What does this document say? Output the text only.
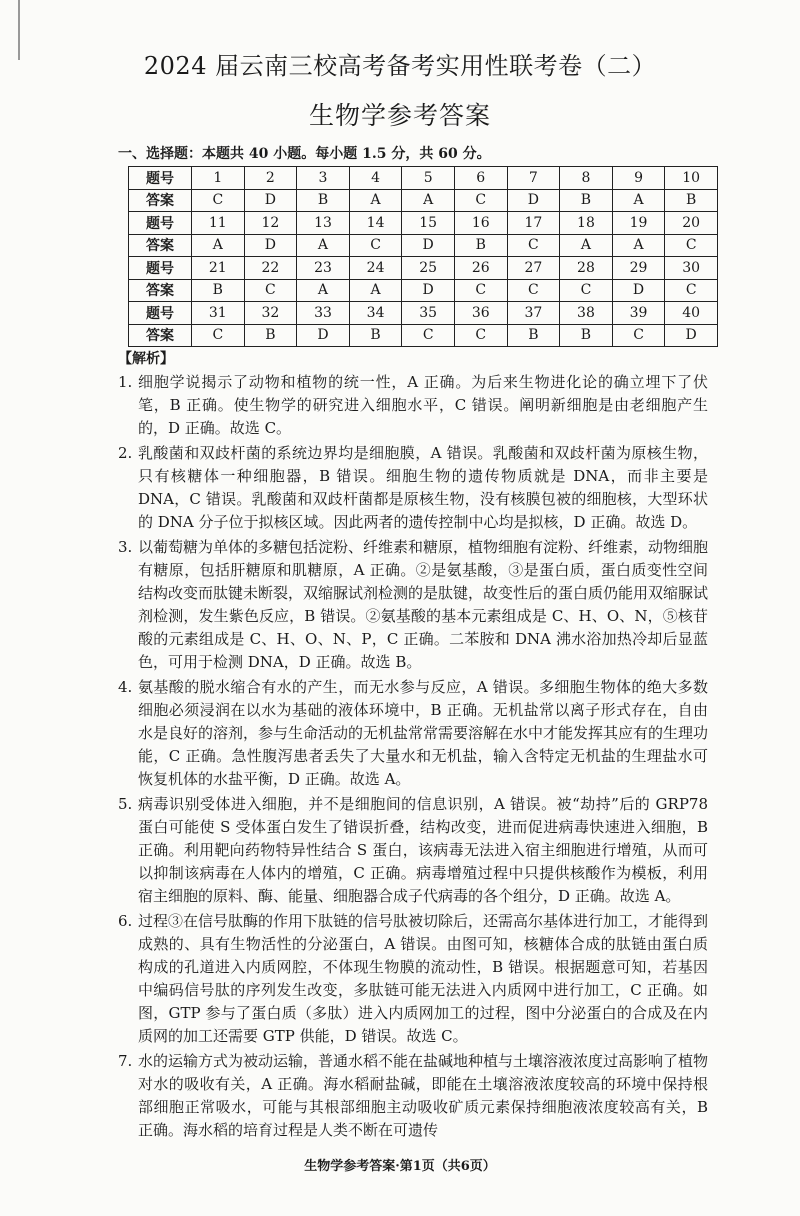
2024 届云南三校高考备考实用性联考卷（二）
生物学参考答案
一、选择题：本题共 40 小题。每小题 1.5 分，共 60 分。
题号	1	2	3	4	5	6	7	8	9	10
答案	C	D	B	A	A	C	D	B	A	B
题号	11	12	13	14	15	16	17	18	19	20
答案	A	D	A	C	D	B	C	A	A	C
题号	21	22	23	24	25	26	27	28	29	30
答案	B	C	A	A	D	C	C	C	D	C
题号	31	32	33	34	35	36	37	38	39	40
答案	C	B	D	B	C	C	B	B	C	D
【解析】
1. 细胞学说揭示了动物和植物的统一性，A 正确。为后来生物进化论的确立埋下了伏笔，B 正确。使生物学的研究进入细胞水平，C 错误。阐明新细胞是由老细胞产生的，D 正确。故选 C。
2. 乳酸菌和双歧杆菌的系统边界均是细胞膜，A 错误。乳酸菌和双歧杆菌为原核生物，只有核糖体一种细胞器，B 错误。细胞生物的遗传物质就是 DNA，而非主要是 DNA，C 错误。乳酸菌和双歧杆菌都是原核生物，没有核膜包被的细胞核，大型环状的 DNA 分子位于拟核区域。因此两者的遗传控制中心均是拟核，D 正确。故选 D。
3. 以葡萄糖为单体的多糖包括淀粉、纤维素和糖原，植物细胞有淀粉、纤维素，动物细胞有糖原，包括肝糖原和肌糖原，A 正确。②是氨基酸，③是蛋白质，蛋白质变性空间结构改变而肽键未断裂，双缩脲试剂检测的是肽键，故变性后的蛋白质仍能用双缩脲试剂检测，发生紫色反应，B 错误。②氨基酸的基本元素组成是 C、H、O、N，⑤核苷酸的元素组成是 C、H、O、N、P，C 正确。二苯胺和 DNA 沸水浴加热冷却后显蓝色，可用于检测 DNA，D 正确。故选 B。
4. 氨基酸的脱水缩合有水的产生，而无水参与反应，A 错误。多细胞生物体的绝大多数细胞必须浸润在以水为基础的液体环境中，B 正确。无机盐常以离子形式存在，自由水是良好的溶剂，参与生命活动的无机盐常常需要溶解在水中才能发挥其应有的生理功能，C 正确。急性腹泻患者丢失了大量水和无机盐，输入含特定无机盐的生理盐水可恢复机体的水盐平衡，D 正确。故选 A。
5. 病毒识别受体进入细胞，并不是细胞间的信息识别，A 错误。被“劫持”后的 GRP78 蛋白可能使 S 受体蛋白发生了错误折叠，结构改变，进而促进病毒快速进入细胞，B 正确。利用靶向药物特异性结合 S 蛋白，该病毒无法进入宿主细胞进行增殖，从而可以抑制该病毒在人体内的增殖，C 正确。病毒增殖过程中只提供核酸作为模板，利用宿主细胞的原料、酶、能量、细胞器合成子代病毒的各个组分，D 正确。故选 A。
6. 过程③在信号肽酶的作用下肽链的信号肽被切除后，还需高尔基体进行加工，才能得到成熟的、具有生物活性的分泌蛋白，A 错误。由图可知，核糖体合成的肽链由蛋白质构成的孔道进入内质网腔，不体现生物膜的流动性，B 错误。根据题意可知，若基因中编码信号肽的序列发生改变，多肽链可能无法进入内质网中进行加工，C 正确。如图，GTP 参与了蛋白质（多肽）进入内质网加工的过程，图中分泌蛋白的合成及在内质网的加工还需要 GTP 供能，D 错误。故选 C。
7. 水的运输方式为被动运输，普通水稻不能在盐碱地种植与土壤溶液浓度过高影响了植物对水的吸收有关，A 正确。海水稻耐盐碱，即能在土壤溶液浓度较高的环境中保持根部细胞正常吸水，可能与其根部细胞主动吸收矿质元素保持细胞液浓度较高有关，B 正确。海水稻的培育过程是人类不断在可遗传
生物学参考答案·第1页（共6页）
